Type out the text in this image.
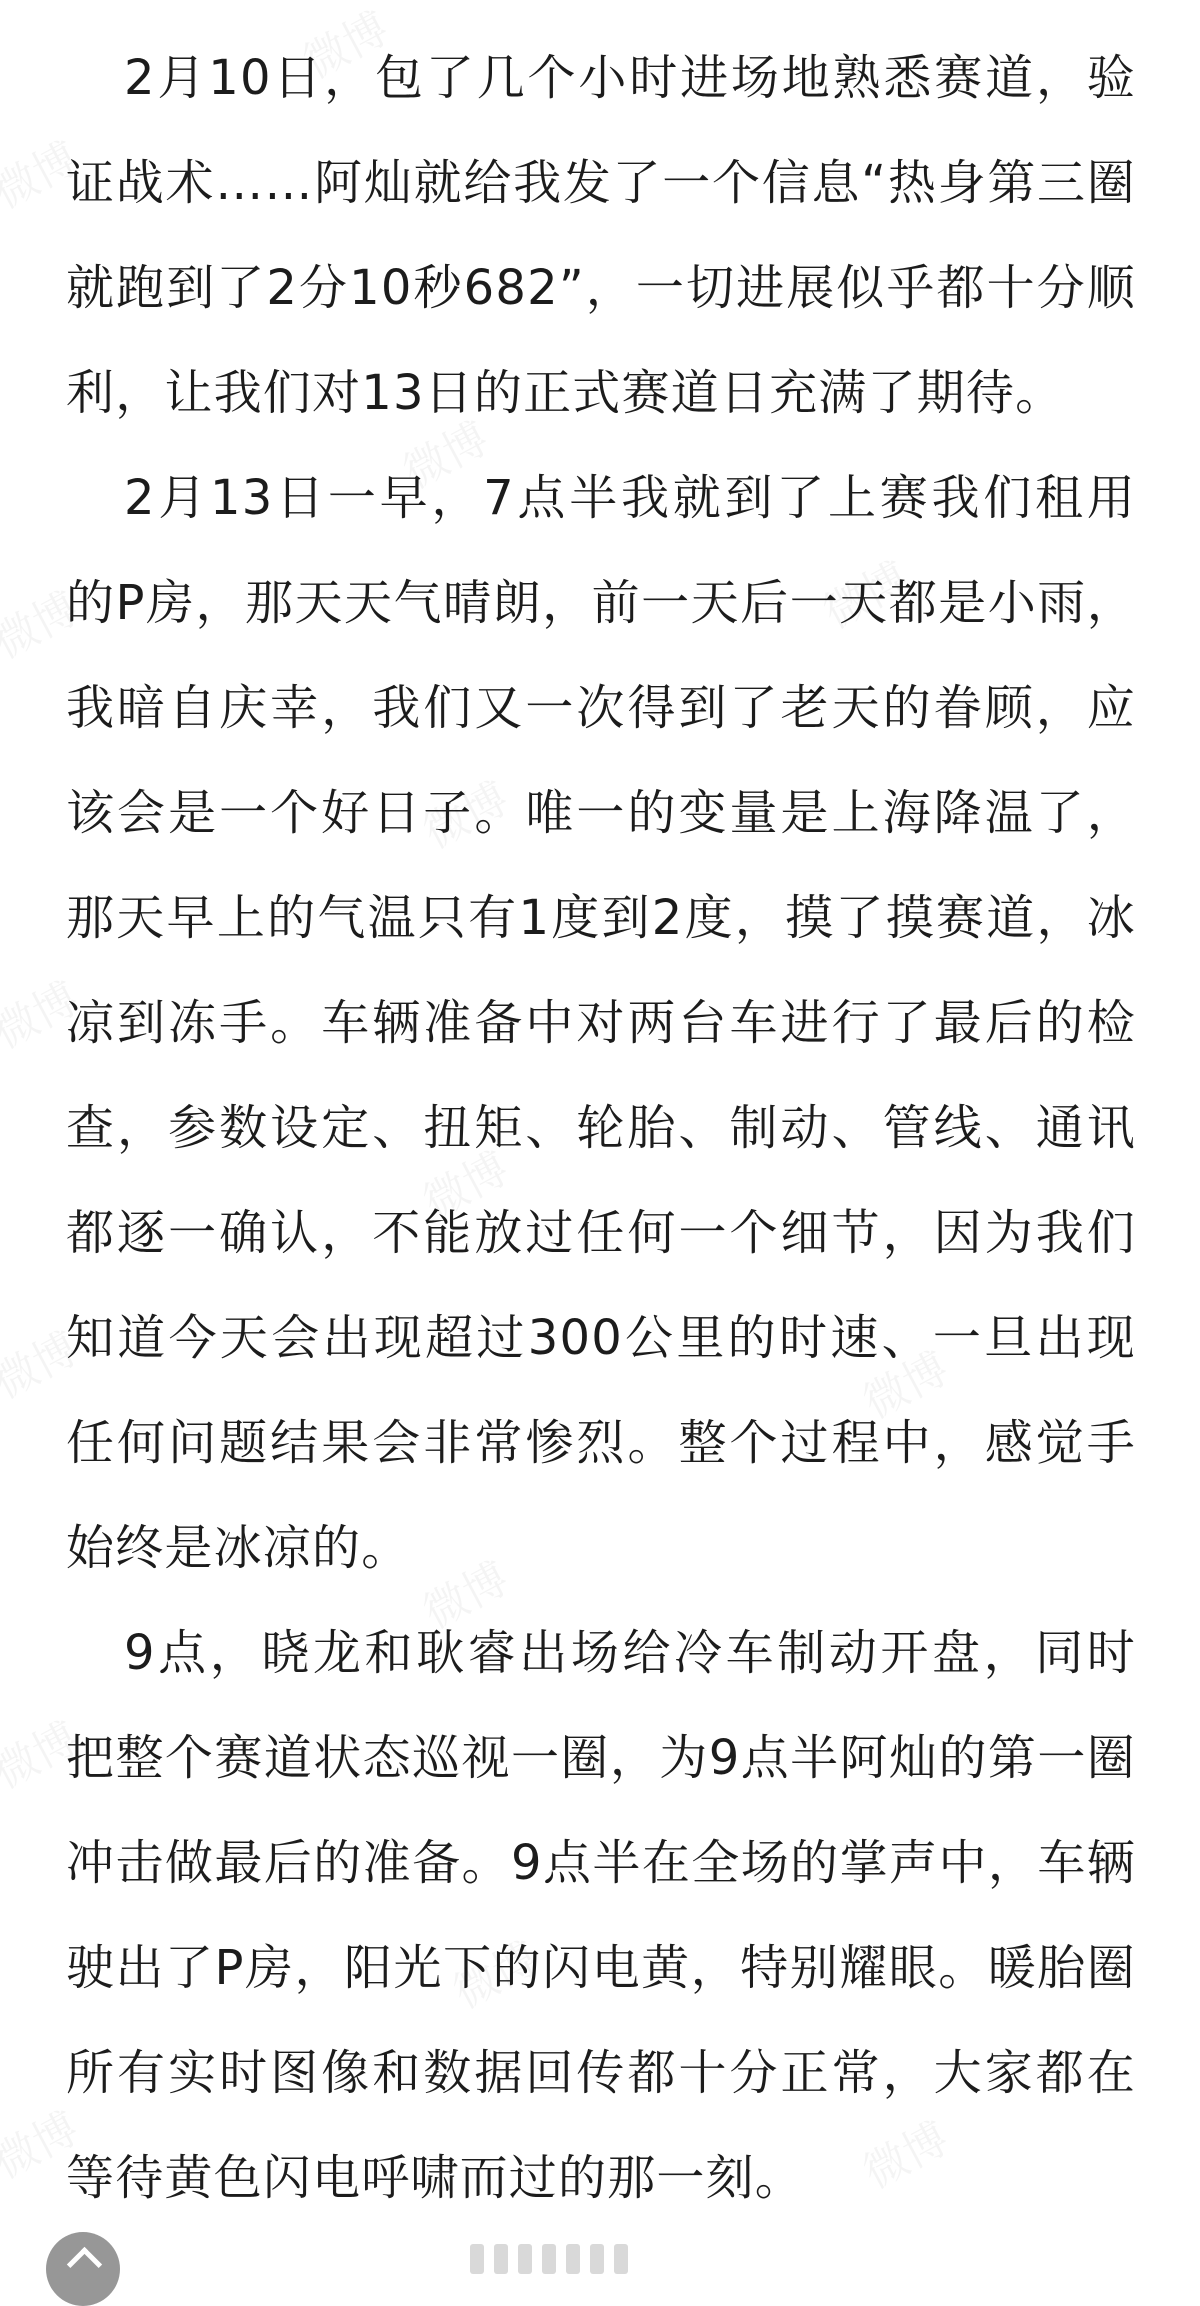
2月10日，包了几个小时进场地熟悉赛道，验证战术……阿灿就给我发了一个信息“热身第三圈就跑到了2分10秒682”，一切进展似乎都十分顺利，让我们对13日的正式赛道日充满了期待。

2月13日一早，7点半我就到了上赛我们租用的P房，那天天气晴朗，前一天后一天都是小雨，我暗自庆幸，我们又一次得到了老天的眷顾，应该会是一个好日子。唯一的变量是上海降温了，那天早上的气温只有1度到2度，摸了摸赛道，冰凉到冻手。车辆准备中对两台车进行了最后的检查，参数设定、扭矩、轮胎、制动、管线、通讯都逐一确认，不能放过任何一个细节，因为我们知道今天会出现超过300公里的时速、一旦出现任何问题结果会非常惨烈。整个过程中，感觉手始终是冰凉的。

9点，晓龙和耿睿出场给冷车制动开盘，同时把整个赛道状态巡视一圈，为9点半阿灿的第一圈冲击做最后的准备。9点半在全场的掌声中，车辆驶出了P房，阳光下的闪电黄，特别耀眼。暖胎圈所有实时图像和数据回传都十分正常，大家都在等待黄色闪电呼啸而过的那一刻。
